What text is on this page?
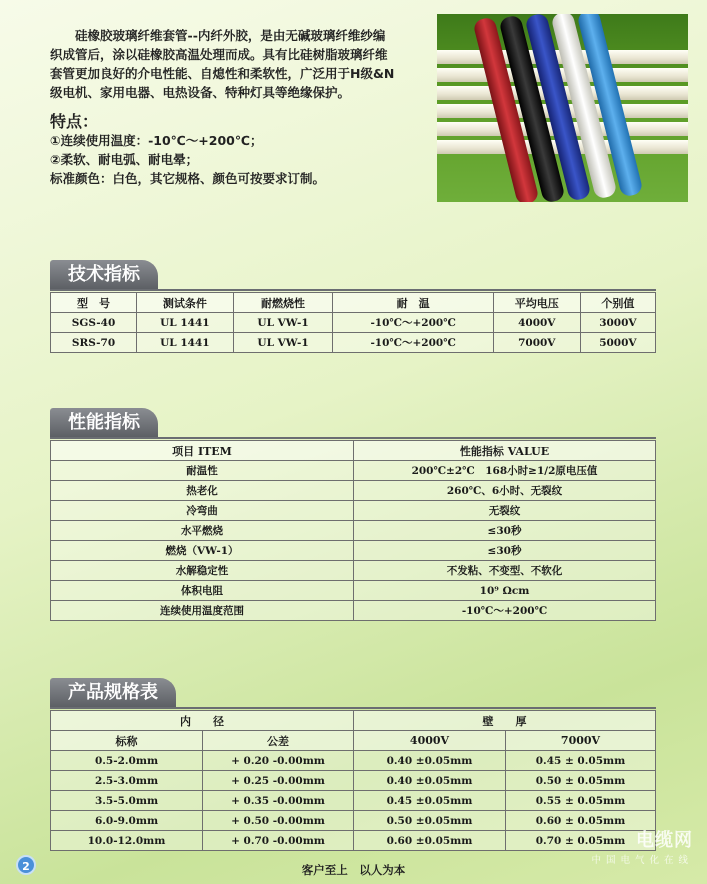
硅橡胶玻璃纤维套管--内纤外胶，是由无碱玻璃纤维纱编织成管后，涂以硅橡胶高温处理而成。具有比硅树脂玻璃纤维套管更加良好的介电性能、自熄性和柔软性，广泛用于H级&N级电机、家用电器、电热设备、特种灯具等绝缘保护。

特点：
①连续使用温度：-10℃～+200℃；
②柔软、耐电弧、耐电晕；
标准颜色：白色，其它规格、颜色可按要求订制。
技术指标
型　号	测试条件	耐燃烧性	耐　温	平均电压	个别值
SGS-40	UL 1441	UL VW-1	-10℃～+200℃	4000V	3000V
SRS-70	UL 1441	UL VW-1	-10℃～+200℃	7000V	5000V
性能指标
项目 ITEM	性能指标 VALUE
耐温性	200℃±2℃　168小时≥1/2原电压值
热老化	260℃、6小时、无裂纹
冷弯曲	无裂纹
水平燃烧	≤30秒
燃烧（VW-1）	≤30秒
水解稳定性	不发粘、不变型、不软化
体积电阻	10⁹ Ωcm
连续使用温度范围	-10℃～+200℃
产品规格表
内　　径		壁　　厚	
标称	公差	4000V	7000V
0.5-2.0mm	+ 0.20 -0.00mm	0.40 ±0.05mm	0.45 ± 0.05mm
2.5-3.0mm	+ 0.25 -0.00mm	0.40 ±0.05mm	0.50 ± 0.05mm
3.5-5.0mm	+ 0.35 -0.00mm	0.45 ±0.05mm	0.55 ± 0.05mm
6.0-9.0mm	+ 0.50 -0.00mm	0.50 ±0.05mm	0.60 ± 0.05mm
10.0-12.0mm	+ 0.70 -0.00mm	0.60 ±0.05mm	0.70 ± 0.05mm
2	客户至上　以人为本
电缆网
中国电气化在线
